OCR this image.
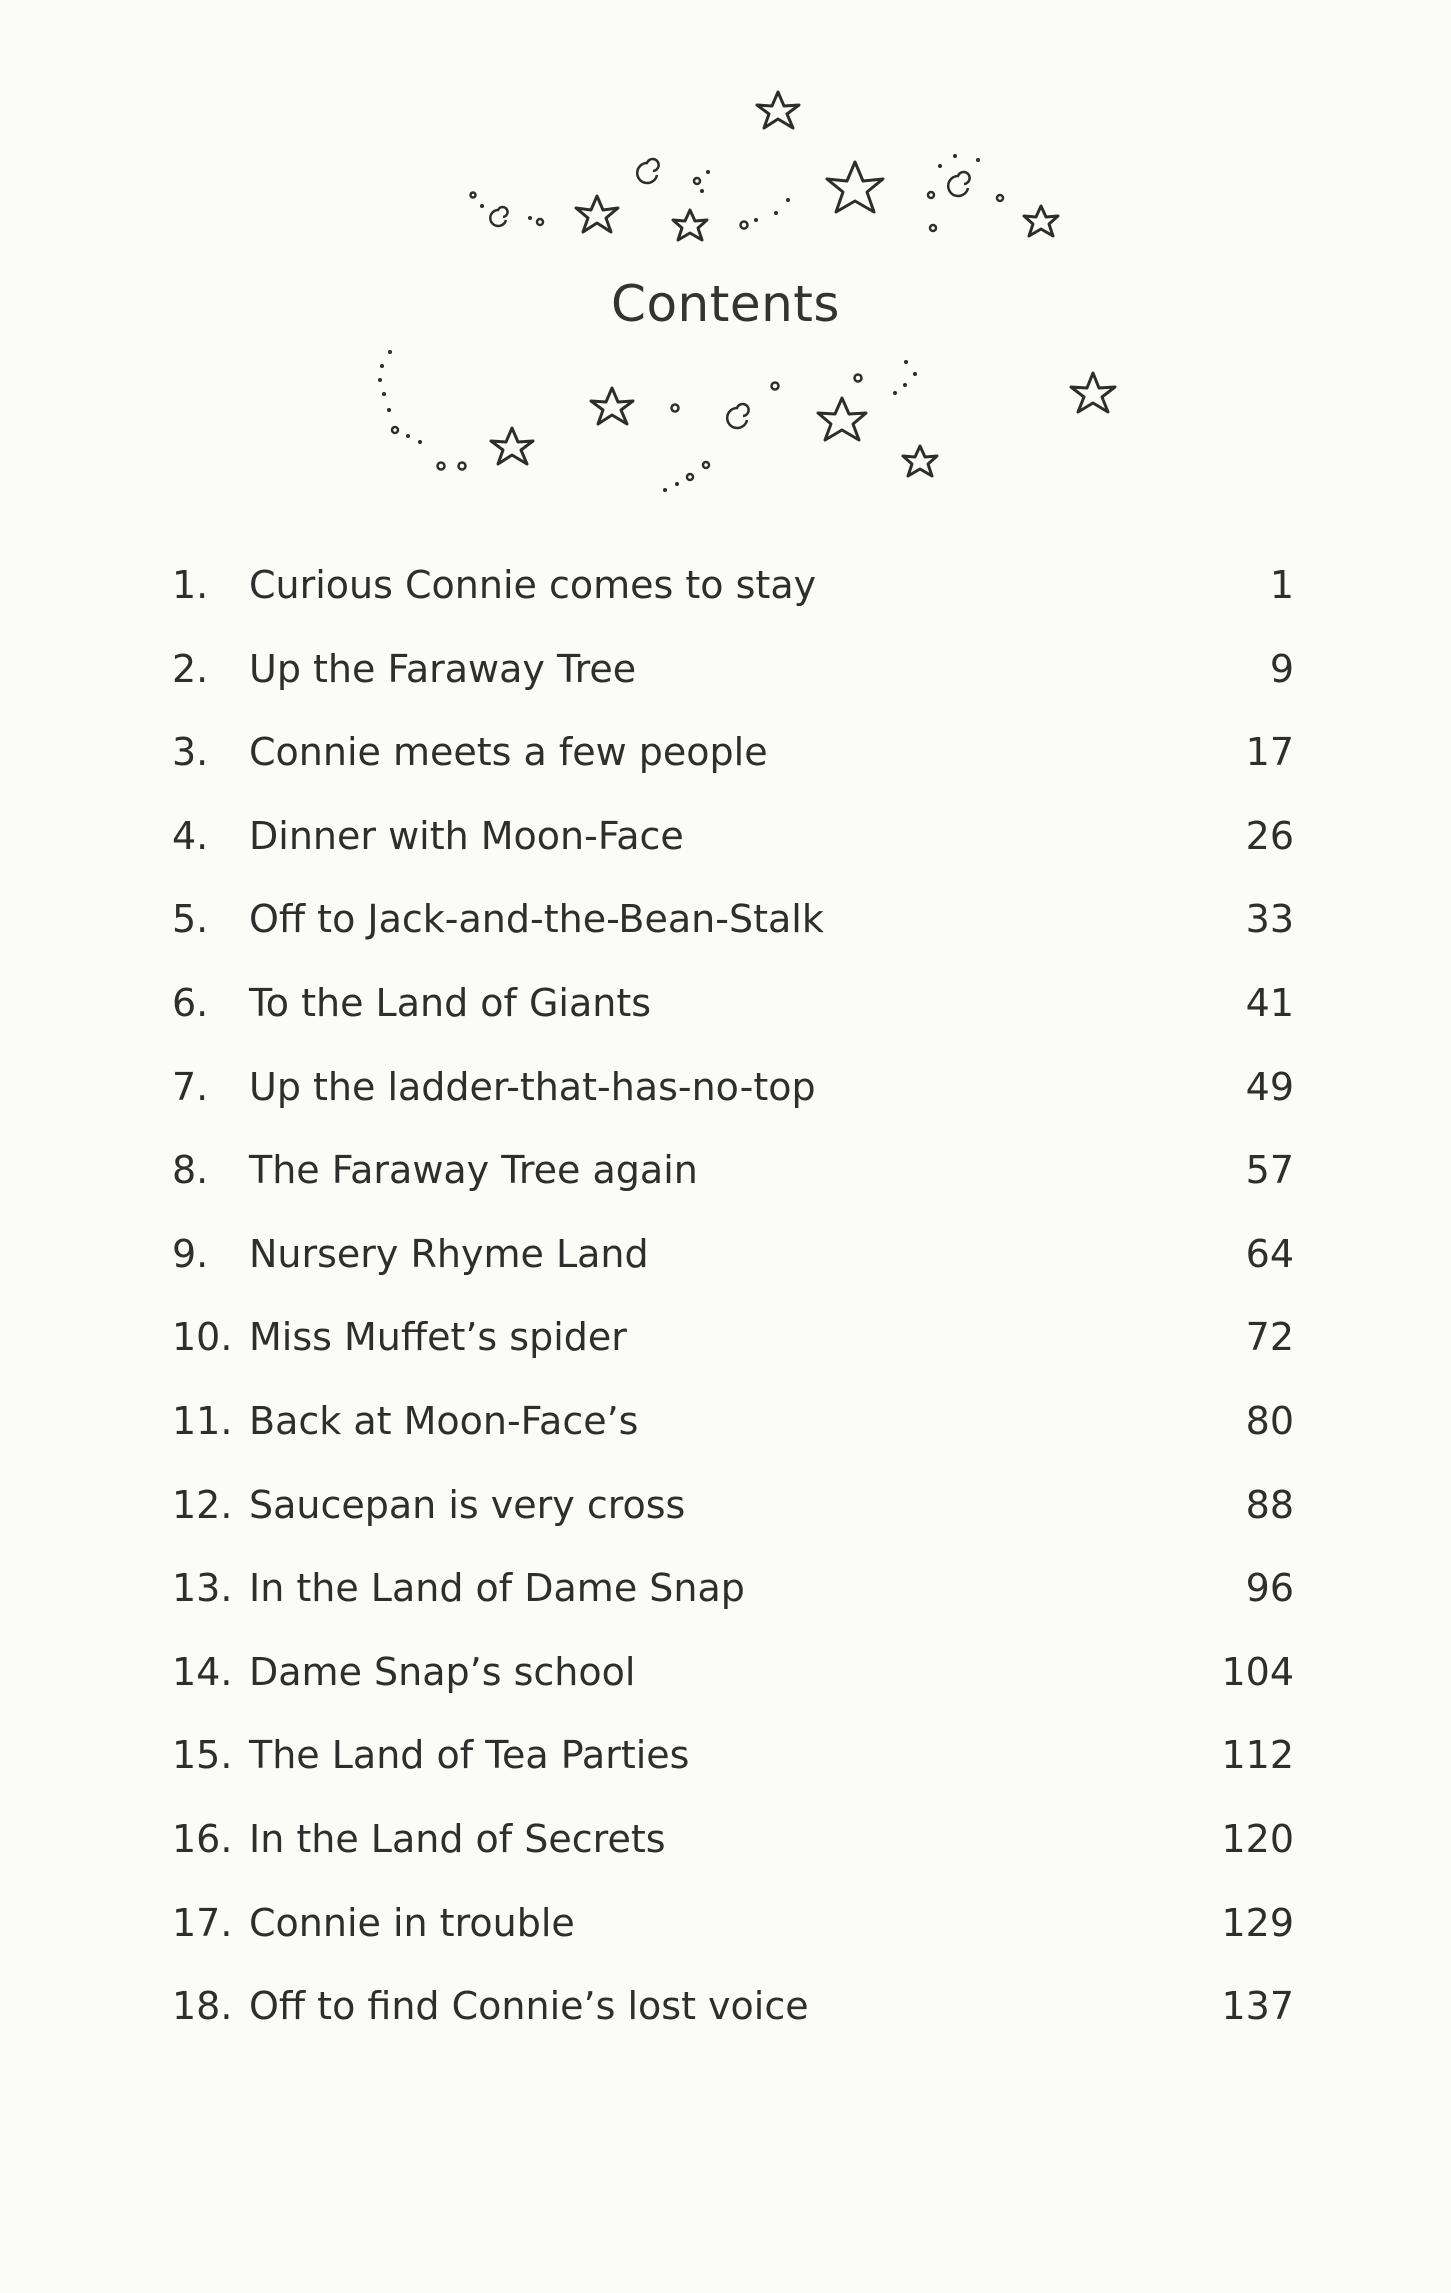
Contents
1. Curious Connie comes to stay	1
2. Up the Faraway Tree	9
3. Connie meets a few people	17
4. Dinner with Moon-Face	26
5. Off to Jack-and-the-Bean-Stalk	33
6. To the Land of Giants	41
7. Up the ladder-that-has-no-top	49
8. The Faraway Tree again	57
9. Nursery Rhyme Land	64
10. Miss Muffet’s spider	72
11. Back at Moon-Face’s	80
12. Saucepan is very cross	88
13. In the Land of Dame Snap	96
14. Dame Snap’s school	104
15. The Land of Tea Parties	112
16. In the Land of Secrets	120
17. Connie in trouble	129
18. Off to find Connie’s lost voice	137
